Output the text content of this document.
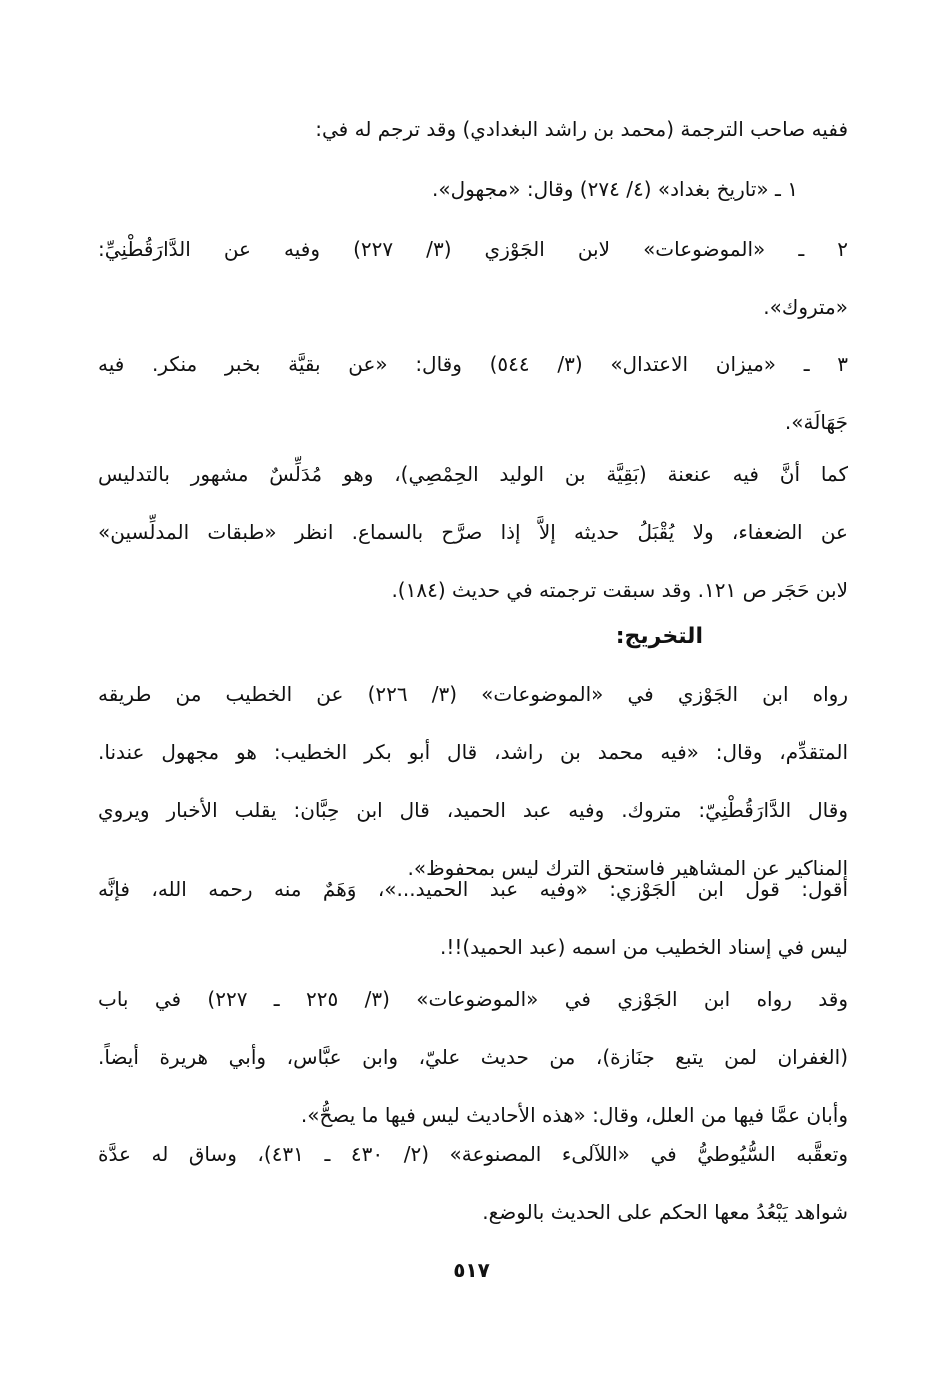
ففيه صاحب الترجمة (محمد بن راشد البغدادي) وقد ترجم له في:
١ ـ «تاريخ بغداد» (٤/ ٢٧٤) وقال: «مجهول».
٢ ـ «الموضوعات» لابن الجَوْزي (٣/ ٢٢٧) وفيه عن الدَّارَقُطْنِيِّ:
«متروك».
٣ ـ «ميزان الاعتدال» (٣/ ٥٤٤) وقال: «عن بقيَّة بخبر منكر. فيه
جَهَالَة».
كما أنَّ فيه عنعنة (بَقِيَّة بن الوليد الحِمْصِي)، وهو مُدَلِّسٌ مشهور بالتدليس
عن الضعفاء، ولا يُقْبَلُ حديثه إلاَّ إذا صرَّح بالسماع. انظر «طبقات المدلِّسين»
لابن حَجَر ص ١٢١. وقد سبقت ترجمته في حديث (١٨٤).
التخريج:
رواه ابن الجَوْزي في «الموضوعات» (٣/ ٢٢٦) عن الخطيب من طريقه
المتقدِّم، وقال: «فيه محمد بن راشد، قال أبو بكر الخطيب: هو مجهول عندنا.
وقال الدَّارَقُطْنِيّ: متروك. وفيه عبد الحميد، قال ابن حِبَّان: يقلب الأخبار ويروي
المناكير عن المشاهير فاستحق الترك ليس بمحفوظ».
أقول: قول ابن الجَوْزي: «وفيه عبد الحميد...»، وَهَمٌ منه رحمه الله، فإنَّه
ليس في إسناد الخطيب من اسمه (عبد الحميد)!!.
وقد رواه ابن الجَوْزي في «الموضوعات» (٣/ ٢٢٥ ـ ٢٢٧) في باب
(الغفران لمن يتبع جنَازة)، من حديث عليّ، وابن عبَّاس، وأبي هريرة أيضاً.
وأبان عمَّا فيها من العلل، وقال: «هذه الأحاديث ليس فيها ما يصحُّ».
وتعقَّبه السُّيُوطيُّ في «اللآلىء المصنوعة» (٢/ ٤٣٠ ـ ٤٣١)، وساق له عدَّة
شواهد يَبْعُدُ معها الحكم على الحديث بالوضع.
٥١٧
